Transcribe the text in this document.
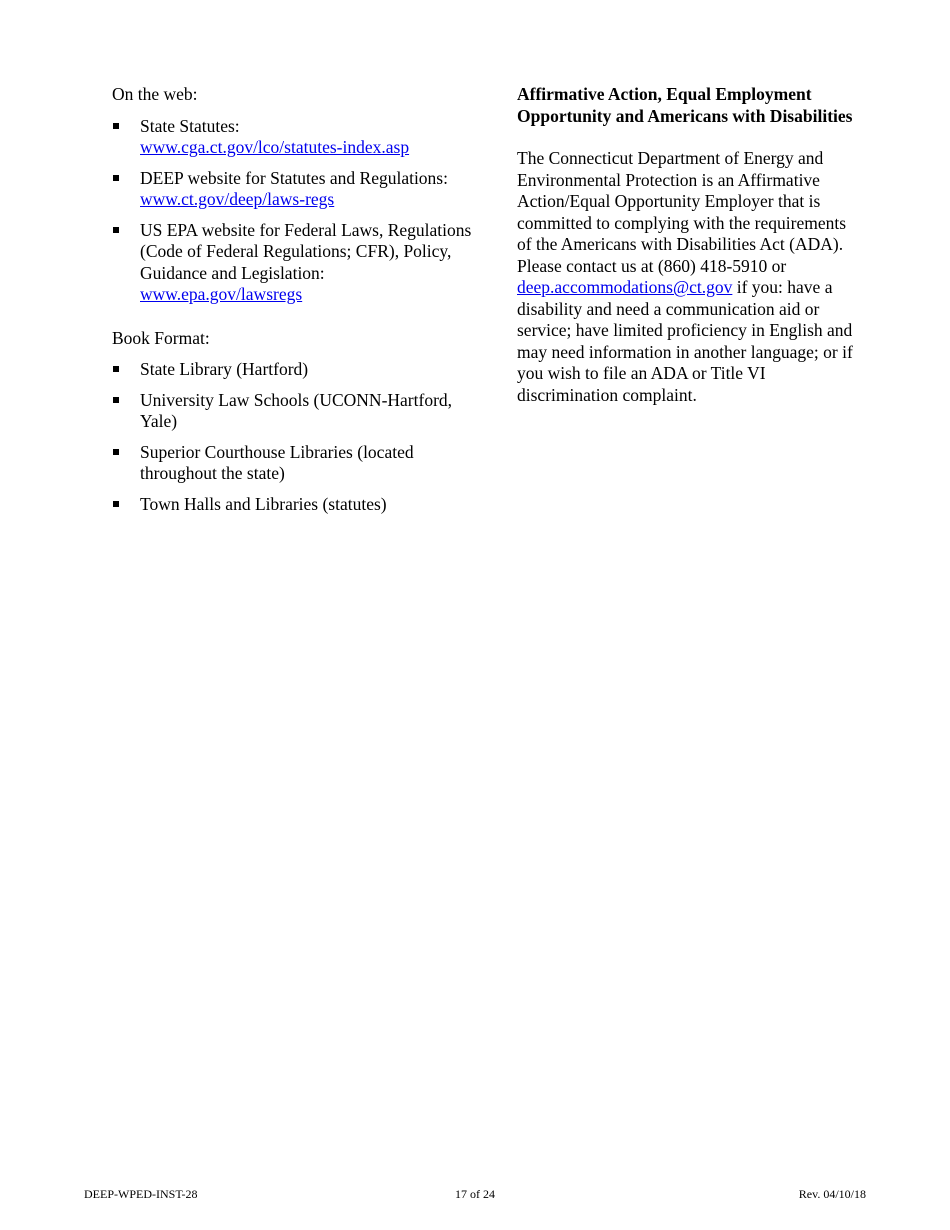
On the web:

State Statutes:
www.cga.ct.gov/lco/statutes-index.asp
DEEP website for Statutes and Regulations: www.ct.gov/deep/laws-regs
US EPA website for Federal Laws, Regulations (Code of Federal Regulations; CFR), Policy, Guidance and Legislation:
www.epa.gov/lawsregs

Book Format:

State Library (Hartford)
University Law Schools (UCONN-Hartford, Yale)
Superior Courthouse Libraries (located throughout the state)
Town Halls and Libraries (statutes)

Affirmative Action, Equal Employment Opportunity and Americans with Disabilities

The Connecticut Department of Energy and Environmental Protection is an Affirmative Action/Equal Opportunity Employer that is committed to complying with the requirements of the Americans with Disabilities Act (ADA). Please contact us at (860) 418-5910 or
deep.accommodations@ct.gov if you: have a disability and need a communication aid or service; have limited proficiency in English and may need information in another language; or if you wish to file an ADA or Title VI discrimination complaint.

DEEP-WPED-INST-28	17 of 24	Rev. 04/10/18
